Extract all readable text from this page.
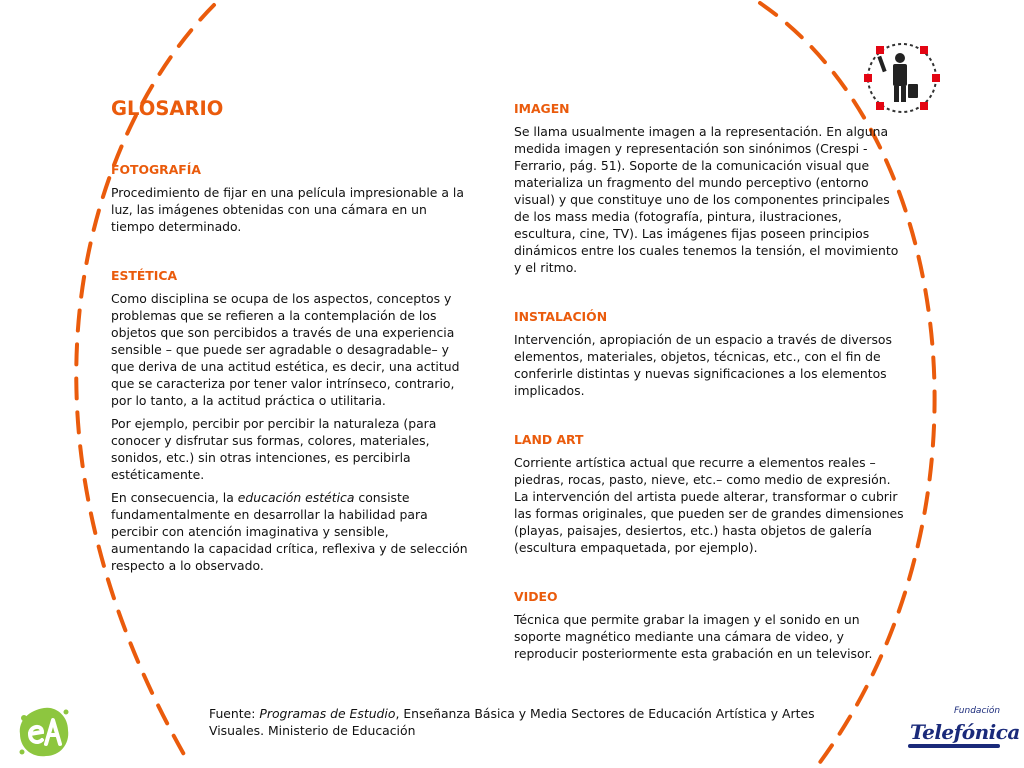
GLOSARIO
FOTOGRAFÍA

Procedimiento de fijar en una película impresionable a la luz, las imágenes obtenidas con una cámara en un tiempo determinado.

ESTÉTICA

Como disciplina se ocupa de los aspectos, conceptos y problemas que se refieren a la contemplación de los objetos que son percibidos a través de una experiencia sensible – que puede ser agradable o desagradable– y que deriva de una actitud estética, es decir, una actitud que se caracteriza por tener valor intrínseco, contrario, por lo tanto, a la actitud práctica o utilitaria.

Por ejemplo, percibir por percibir la naturaleza (para conocer y disfrutar sus formas, colores, materiales, sonidos, etc.) sin otras intenciones, es percibirla estéticamente.

En consecuencia, la educación estética consiste fundamentalmente en desarrollar la habilidad para percibir con atención imaginativa y sensible, aumentando la capacidad crítica, reflexiva y de selección respecto a lo observado.

IMAGEN

Se llama usualmente imagen a la representación. En alguna medida imagen y representación son sinónimos (Crespi - Ferrario, pág. 51). Soporte de la comunicación visual que materializa un fragmento del mundo perceptivo (entorno visual) y que constituye uno de los componentes principales de los mass media (fotografía, pintura, ilustraciones, escultura, cine, TV). Las imágenes fijas poseen principios dinámicos entre los cuales tenemos la tensión, el movimiento y el ritmo.

INSTALACIÓN

Intervención, apropiación de un espacio a través de diversos elementos, materiales, objetos, técnicas, etc., con el fin de conferirle distintas y nuevas significaciones a los elementos implicados.

LAND ART

Corriente artística actual que recurre a elementos reales – piedras, rocas, pasto, nieve, etc.– como medio de expresión. La intervención del artista puede alterar, transformar o cubrir las formas originales, que pueden ser de grandes dimensiones (playas, paisajes, desiertos, etc.) hasta objetos de galería (escultura empaquetada, por ejemplo).

VIDEO

Técnica que permite grabar la imagen y el sonido en un soporte magnético mediante una cámara de video, y reproducir posteriormente esta grabación en un televisor.

Fuente: Programas de Estudio, Enseñanza Básica y Media Sectores de Educación Artística y Artes Visuales. Ministerio de Educación
Fundación
Telefónica
